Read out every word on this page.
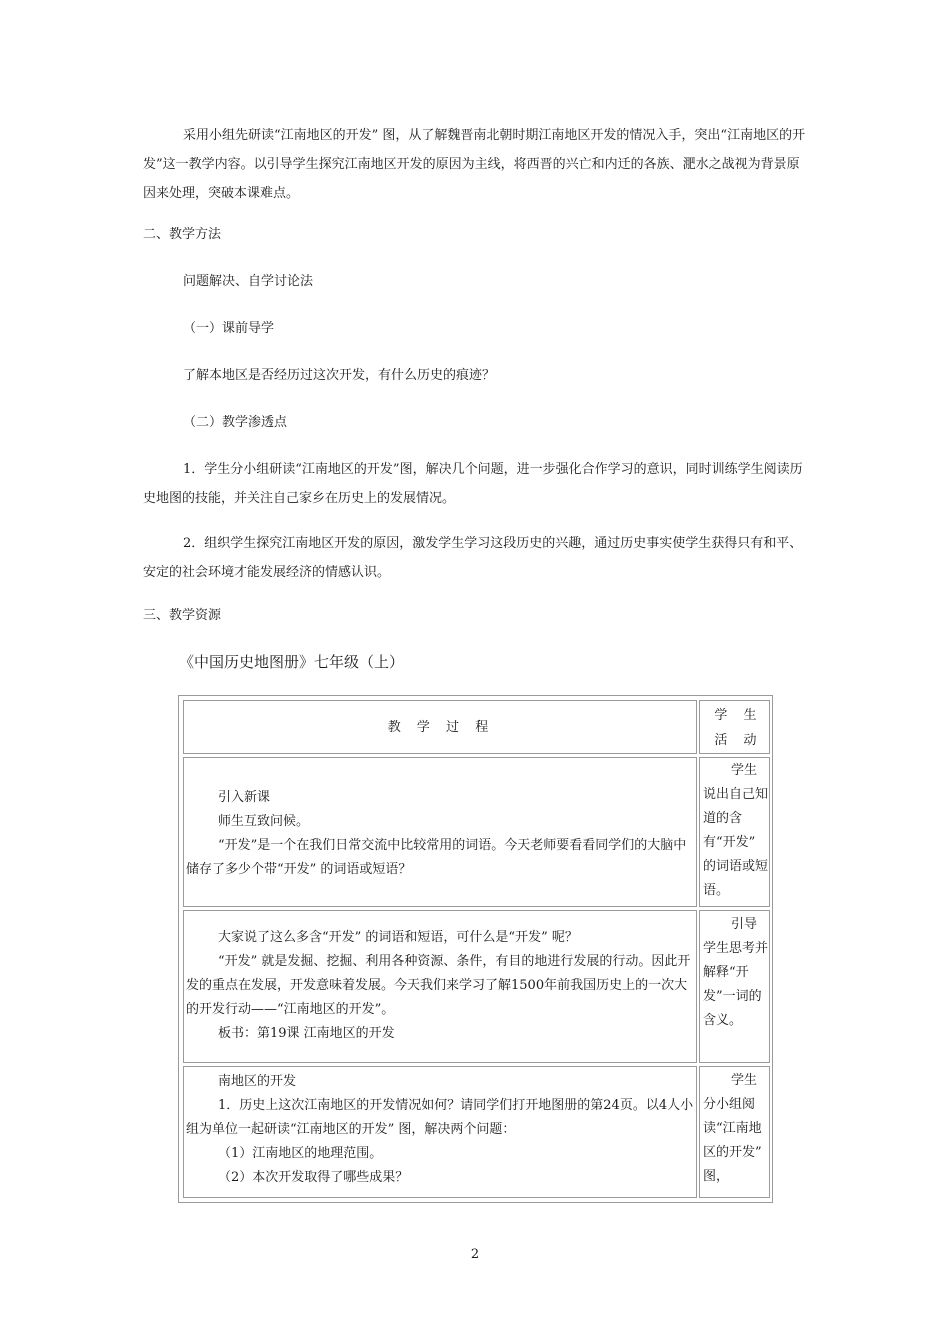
采用小组先研读“江南地区的开发” 图，从了解魏晋南北朝时期江南地区开发的情况入手，突出“江南地区的开发”这一教学内容。以引导学生探究江南地区开发的原因为主线，将西晋的兴亡和内迁的各族、淝水之战视为背景原因来处理，突破本课难点。

二、教学方法

问题解决、自学讨论法

（一）课前导学

了解本地区是否经历过这次开发，有什么历史的痕迹？

（二）教学渗透点

1．学生分小组研读“江南地区的开发”图，解决几个问题，进一步强化合作学习的意识，同时训练学生阅读历史地图的技能，并关注自己家乡在历史上的发展情况。

2．组织学生探究江南地区开发的原因，激发学生学习这段历史的兴趣，通过历史事实使学生获得只有和平、安定的社会环境才能发展经济的情感认识。

三、教学资源

《中国历史地图册》七年级（上）

教 学 过 程

学 生 活 动

引入新课

师生互致问候。

“开发”是一个在我们日常交流中比较常用的词语。今天老师要看看同学们的大脑中储存了多少个带“开发” 的词语或短语？

学生说出自己知道的含有“开发” 的词语或短语。

大家说了这么多含“开发” 的词语和短语，可什么是“开发” 呢？

“开发” 就是发掘、挖掘、利用各种资源、条件，有目的地进行发展的行动。因此开发的重点在发展，开发意味着发展。今天我们来学习了解1500年前我国历史上的一次大的开发行动——“江南地区的开发”。

板书：第19课 江南地区的开发

引导学生思考并解释“开发”一词的含义。

南地区的开发

1．历史上这次江南地区的开发情况如何？请同学们打开地图册的第24页。以4人小组为单位一起研读“江南地区的开发” 图，解决两个问题：

（1）江南地区的地理范围。

（2）本次开发取得了哪些成果？

学生分小组阅读“江南地区的开发” 图，

2
